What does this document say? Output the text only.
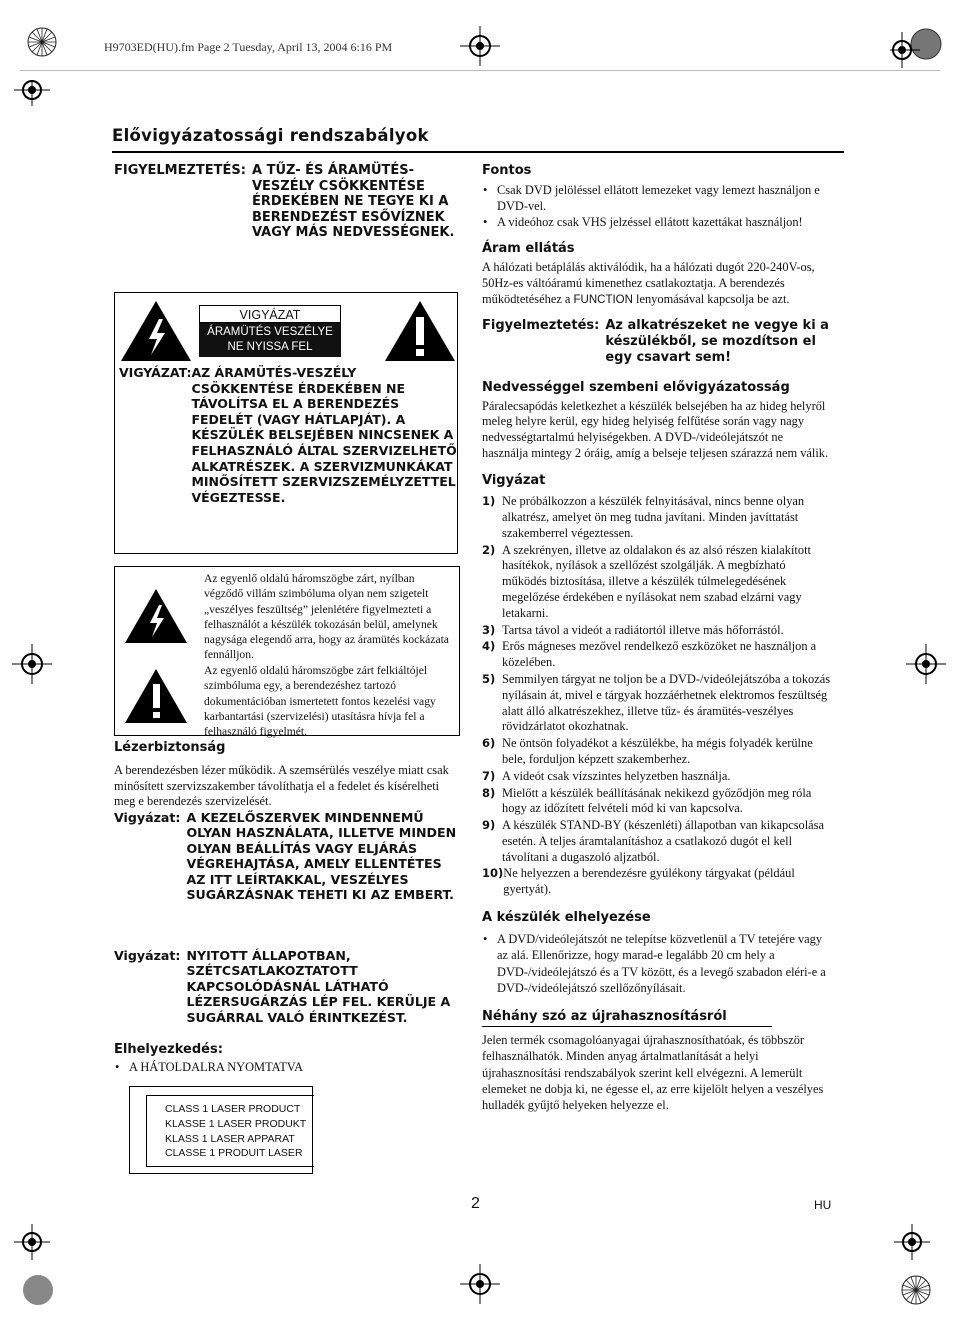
H9703ED(HU).fm Page 2 Tuesday, April 13, 2004 6:16 PM
Elővigyázatossági rendszabályok
FIGYELMEZTETÉS: A TŰZ- ÉS ÁRAMÜTÉS-VESZÉLY CSÖKKENTÉSE ÉRDEKÉBEN NE TEGYE KI A BERENDEZÉST ESŐVÍZNEK VAGY MÁS NEDVESSÉGNEK.
VIGYÁZAT
ÁRAMÜTÉS VESZÉLYE
NE NYISSA FEL
VIGYÁZAT: AZ ÁRAMÜTÉS-VESZÉLY CSÖKKENTÉSE ÉRDEKÉBEN NE TÁVOLÍTSA EL A BERENDEZÉS FEDELÉT (VAGY HÁTLAPJÁT). A KÉSZÜLÉK BELSEJÉBEN NINCSENEK A FELHASZNÁLÓ ÁLTAL SZERVIZELHETŐ ALKATRÉSZEK. A SZERVIZMUNKÁKAT MINŐSÍTETT SZERVIZSZEMÉLYZETTEL VÉGEZTESSE.
Az egyenlő oldalú háromszögbe zárt, nyílban végződő villám szimbóluma olyan nem szigetelt „veszélyes feszültség” jelenlétére figyelmezteti a felhasználót a készülék tokozásán belül, amelynek nagysága elegendő arra, hogy az áramütés kockázata fennálljon.
Az egyenlő oldalú háromszögbe zárt felkiáltójel szimbóluma egy, a berendezéshez tartozó dokumentációban ismertetett fontos kezelési vagy karbantartási (szervizelési) utasításra hívja fel a felhasználó figyelmét.
Lézerbiztonság
A berendezésben lézer működik. A szemsérülés veszélye miatt csak minősített szervizszakember távolíthatja el a fedelet és kísérelheti meg e berendezés szervizelését.
Vigyázat: A KEZELŐSZERVEK MINDENNEMŰ OLYAN HASZNÁLATA, ILLETVE MINDEN OLYAN BEÁLLÍTÁS VAGY ELJÁRÁS VÉGREHAJTÁSA, AMELY ELLENTÉTES AZ ITT LEÍRTAKKAL, VESZÉLYES SUGÁRZÁSNAK TEHETI KI AZ EMBERT.
Vigyázat: NYITOTT ÁLLAPOTBAN, SZÉTCSATLAKOZTATOTT KAPCSOLÓDÁSNÁL LÁTHATÓ LÉZERSUGÁRZÁS LÉP FEL. KERÜLJE A SUGÁRRAL VALÓ ÉRINTKEZÉST.
Elhelyezkedés:
• A HÁTOLDALRA NYOMTATVA
CLASS 1 LASER PRODUCT
KLASSE 1 LASER PRODUKT
KLASS 1 LASER APPARAT
CLASSE 1 PRODUIT LASER
Fontos
• Csak DVD jelöléssel ellátott lemezeket vagy lemezt használjon e DVD-vel.
• A videóhoz csak VHS jelzéssel ellátott kazettákat használjon!
Áram ellátás
A hálózati betáplálás aktiválódik, ha a hálózati dugót 220-240V-os, 50Hz-es váltóáramú kimenethez csatlakoztatja. A berendezés működtetéséhez a FUNCTION lenyomásával kapcsolja be azt.
Figyelmeztetés: Az alkatrészeket ne vegye ki a készülékből, se mozdítson el egy csavart sem!
Nedvességgel szembeni elővigyázatosság
Páralecsapódás keletkezhet a készülék belsejében ha az hideg helyről meleg helyre kerül, egy hideg helyiség felfűtése során vagy nagy nedvességtartalmú helyiségekben. A DVD-/videólejátszót ne használja mintegy 2 óráig, amíg a belseje teljesen szárazzá nem válik.
Vigyázat
1) Ne próbálkozzon a készülék felnyitásával, nincs benne olyan alkatrész, amelyet ön meg tudna javítani. Minden javíttatást szakemberrel végeztessen.
2) A szekrényen, illetve az oldalakon és az alsó részen kialakított hasítékok, nyílások a szellőzést szolgálják. A megbízható működés biztosítása, illetve a készülék túlmelegedésének megelőzése érdekében e nyílásokat nem szabad elzárni vagy letakarni.
3) Tartsa távol a videót a radiátortól illetve más hőforrástól.
4) Erős mágneses mezővel rendelkező eszközöket ne használjon a közelében.
5) Semmilyen tárgyat ne toljon be a DVD-/videólejátszóba a tokozás nyílásain át, mivel e tárgyak hozzáérhetnek elektromos feszültség alatt álló alkatrészekhez, illetve tűz- és áramütés-veszélyes rövidzárlatot okozhatnak.
6) Ne öntsön folyadékot a készülékbe, ha mégis folyadék kerülne bele, forduljon képzett szakemberhez.
7) A videót csak vízszintes helyzetben használja.
8) Mielőtt a készülék beállításának nekikezd győződjön meg róla hogy az időzített felvételi mód ki van kapcsolva.
9) A készülék STAND-BY (készenléti) állapotban van kikapcsolása esetén. A teljes áramtalanításhoz a csatlakozó dugót el kell távolítani a dugaszoló aljzatból.
10) Ne helyezzen a berendezésre gyúlékony tárgyakat (például gyertyát).
A készülék elhelyezése
• A DVD/videólejátszót ne telepítse közvetlenül a TV tetejére vagy az alá. Ellenőrizze, hogy marad-e legalább 20 cm hely a DVD-/videólejátszó és a TV között, és a levegő szabadon eléri-e a DVD-/videólejátszó szellőzőnyílásait.
Néhány szó az újrahasznosításról
Jelen termék csomagolóanyagai újrahasznosíthatóak, és többször felhasználhatók. Minden anyag ártalmatlanítását a helyi újrahasznosítási rendszabályok szerint kell elvégezni. A lemerült elemeket ne dobja ki, ne égesse el, az erre kijelölt helyen a veszélyes hulladék gyűjtő helyeken helyezze el.
2	HU
